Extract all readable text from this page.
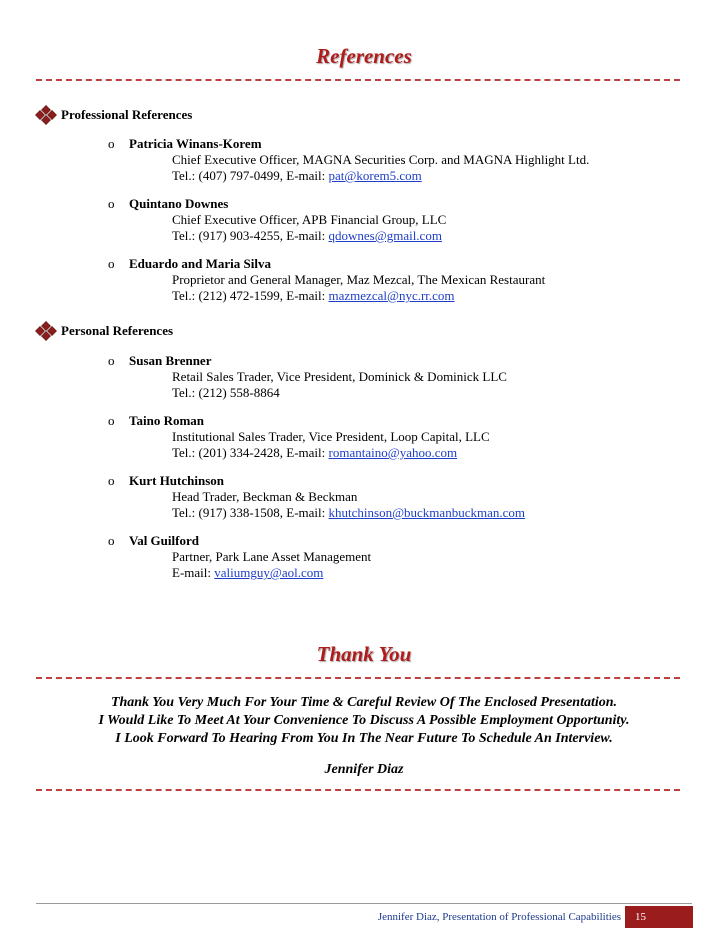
References
Professional References
o Patricia Winans-Korem
Chief Executive Officer, MAGNA Securities Corp. and MAGNA Highlight Ltd.
Tel.: (407) 797-0499, E-mail: pat@korem5.com
o Quintano Downes
Chief Executive Officer, APB Financial Group, LLC
Tel.: (917) 903-4255, E-mail: qdownes@gmail.com
o Eduardo and Maria Silva
Proprietor and General Manager, Maz Mezcal, The Mexican Restaurant
Tel.: (212) 472-1599, E-mail: mazmezcal@nyc.rr.com
Personal References
o Susan Brenner
Retail Sales Trader, Vice President, Dominick & Dominick LLC
Tel.: (212) 558-8864
o Taino Roman
Institutional Sales Trader, Vice President, Loop Capital, LLC
Tel.: (201) 334-2428, E-mail: romantaino@yahoo.com
o Kurt Hutchinson
Head Trader, Beckman & Beckman
Tel.: (917) 338-1508, E-mail: khutchinson@buckmanbuckman.com
o Val Guilford
Partner, Park Lane Asset Management
E-mail: valiumguy@aol.com
Thank You
Thank You Very Much For Your Time & Careful Review Of The Enclosed Presentation.
I Would Like To Meet At Your Convenience To Discuss A Possible Employment Opportunity.
I Look Forward To Hearing From You In The Near Future To Schedule An Interview.
Jennifer Diaz
Jennifer Diaz, Presentation of Professional Capabilities	15
